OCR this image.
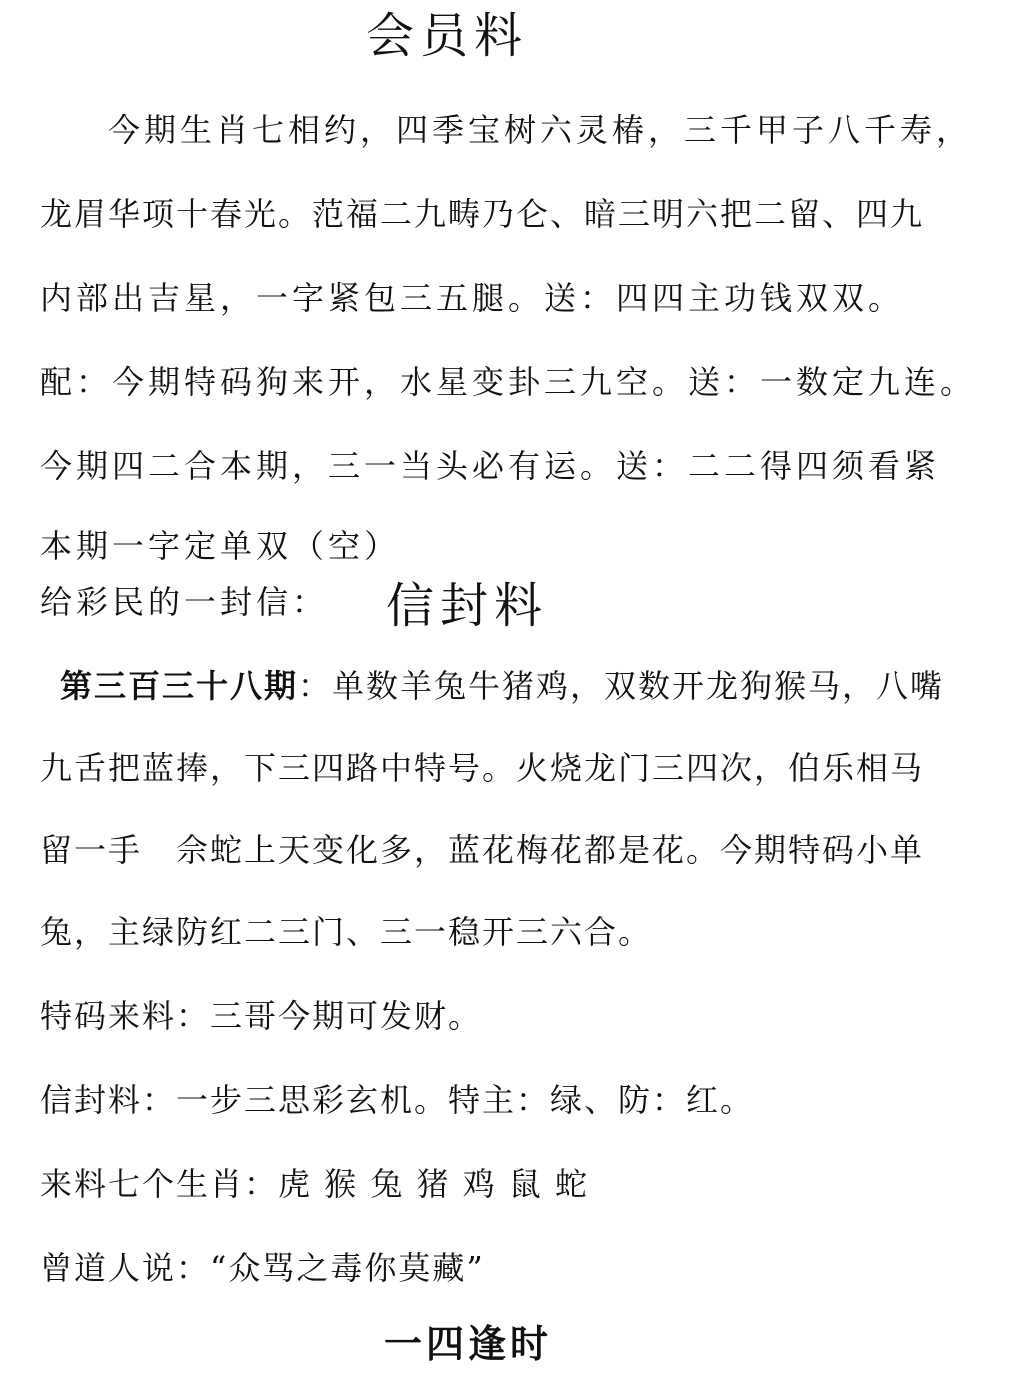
会员料
今期生肖七相约，四季宝树六灵椿，三千甲子八千寿，
龙眉华项十春光。范福二九畴乃仑、暗三明六把二留、四九
内部出吉星，一字紧包三五腿。送：四四主功钱双双。
配：今期特码狗来开，水星变卦三九空。送：一数定九连。
今期四二合本期，三一当头必有运。送：二二得四须看紧
本期一字定单双（空）
给彩民的一封信： 信封料
第三百三十八期：单数羊兔牛猪鸡，双数开龙狗猴马，八嘴
九舌把蓝捧，下三四路中特号。火烧龙门三四次，伯乐相马
留一手　佘蛇上天变化多，蓝花梅花都是花。今期特码小单
兔，主绿防红二三门、三一稳开三六合。
特码来料：三哥今期可发财。
信封料：一步三思彩玄机。特主：绿、防：红。
来料七个生肖：虎 猴 兔 猪 鸡 鼠 蛇
曾道人说：“众骂之毒你莫藏”
一四逢时
